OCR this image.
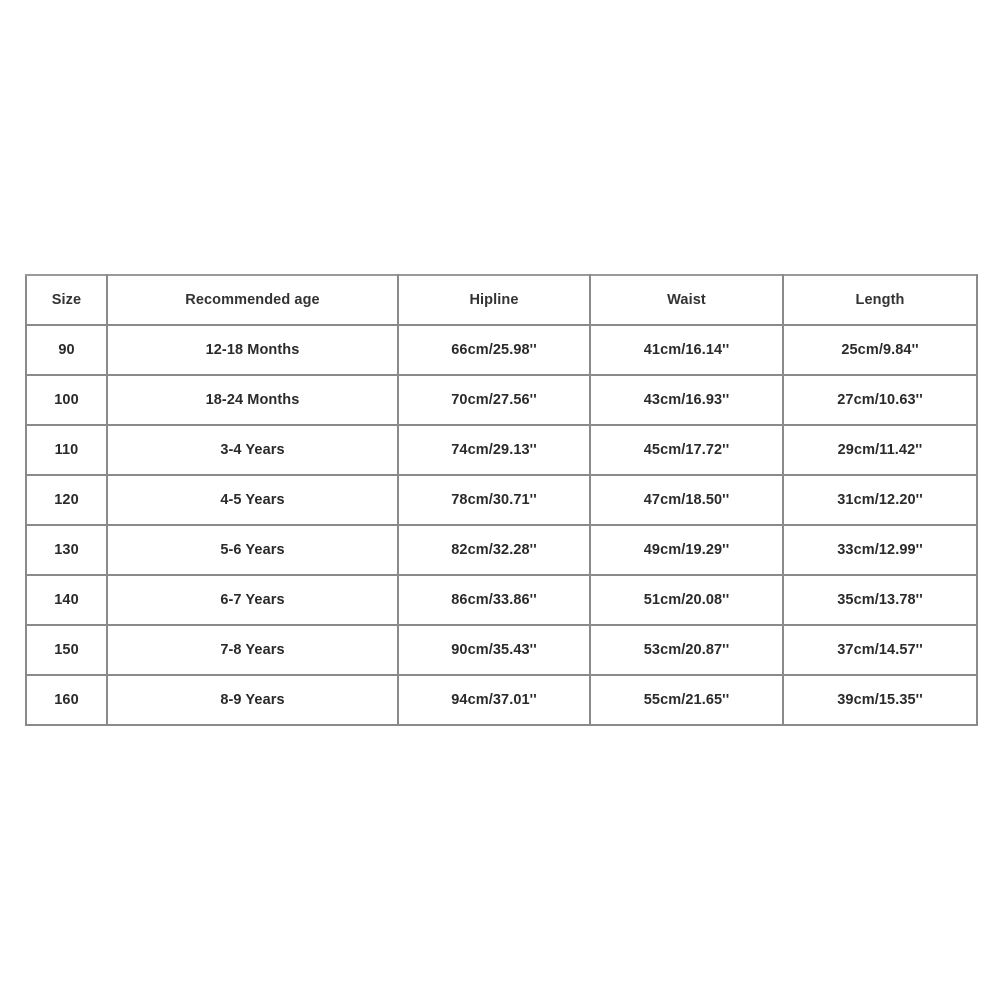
Size	Recommended age	Hipline	Waist	Length
90	12-18 Months	66cm/25.98''	41cm/16.14''	25cm/9.84''
100	18-24 Months	70cm/27.56''	43cm/16.93''	27cm/10.63''
110	3-4 Years	74cm/29.13''	45cm/17.72''	29cm/11.42''
120	4-5 Years	78cm/30.71''	47cm/18.50''	31cm/12.20''
130	5-6 Years	82cm/32.28''	49cm/19.29''	33cm/12.99''
140	6-7 Years	86cm/33.86''	51cm/20.08''	35cm/13.78''
150	7-8 Years	90cm/35.43''	53cm/20.87''	37cm/14.57''
160	8-9 Years	94cm/37.01''	55cm/21.65''	39cm/15.35''
